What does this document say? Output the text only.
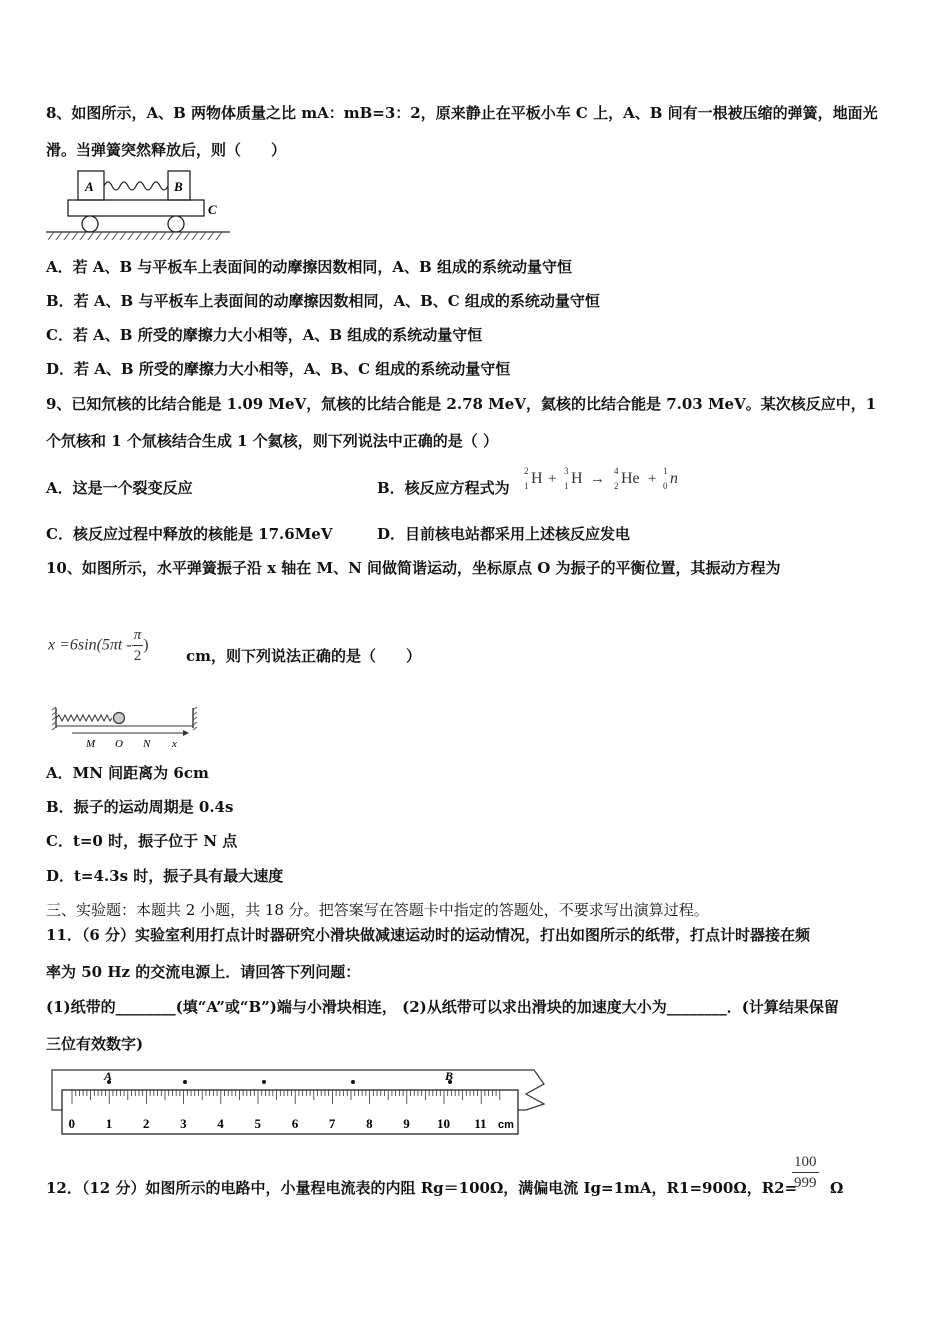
8、如图所示，A、B 两物体质量之比 mA：mB=3：2，原来静止在平板小车 C 上，A、B 间有一根被压缩的弹簧，地面光
滑。当弹簧突然释放后，则（　　）
A	B
C
A．若 A、B 与平板车上表面间的动摩擦因数相同，A、B 组成的系统动量守恒
B．若 A、B 与平板车上表面间的动摩擦因数相同，A、B、C 组成的系统动量守恒
C．若 A、B 所受的摩擦力大小相等，A、B 组成的系统动量守恒
D．若 A、B 所受的摩擦力大小相等，A、B、C 组成的系统动量守恒
9、已知氘核的比结合能是 1.09 MeV，氚核的比结合能是 2.78 MeV，氦核的比结合能是 7.03 MeV。某次核反应中，1
个氘核和 1 个氚核结合生成 1 个氦核，则下列说法中正确的是（ ）
A．这是一个裂变反应	B．核反应方程式为
2
1 H + 3
1 H → 4
2 He + 1
0 n
C．核反应过程中释放的核能是 17.6MeV	D．目前核电站都采用上述核反应发电
10、如图所示，水平弹簧振子沿 x 轴在 M、N 间做简谐运动，坐标原点 O 为振子的平衡位置，其振动方程为
$x =6\sin(5\pi t - \frac{\pi}{2}$ )
cm，则下列说法正确的是（　　）
M O N x
A．MN 间距离为 6cm
B．振子的运动周期是 0.4s
C．t=0 时，振子位于 N 点
D．t=4.3s 时，振子具有最大速度
三、实验题：本题共 2 小题，共 18 分。把答案写在答题卡中指定的答题处，不要求写出演算过程。
11．（6 分）实验室利用打点计时器研究小滑块做减速运动时的运动情况，打出如图所示的纸带，打点计时器接在频
率为 50 Hz 的交流电源上．请回答下列问题：
(1)纸带的________(填“A”或“B”)端与小滑块相连， (2)从纸带可以求出滑块的加速度大小为________．(计算结果保留
三位有效数字)
A	B
0 1 2 3 4 5 6 7 8 9 10 11 cm
12．（12 分）如图所示的电路中，小量程电流表的内阻 Rg＝100Ω，满偏电流 Ig=1mA，R1=900Ω，R2=
$\frac{100}{999}$ Ω
